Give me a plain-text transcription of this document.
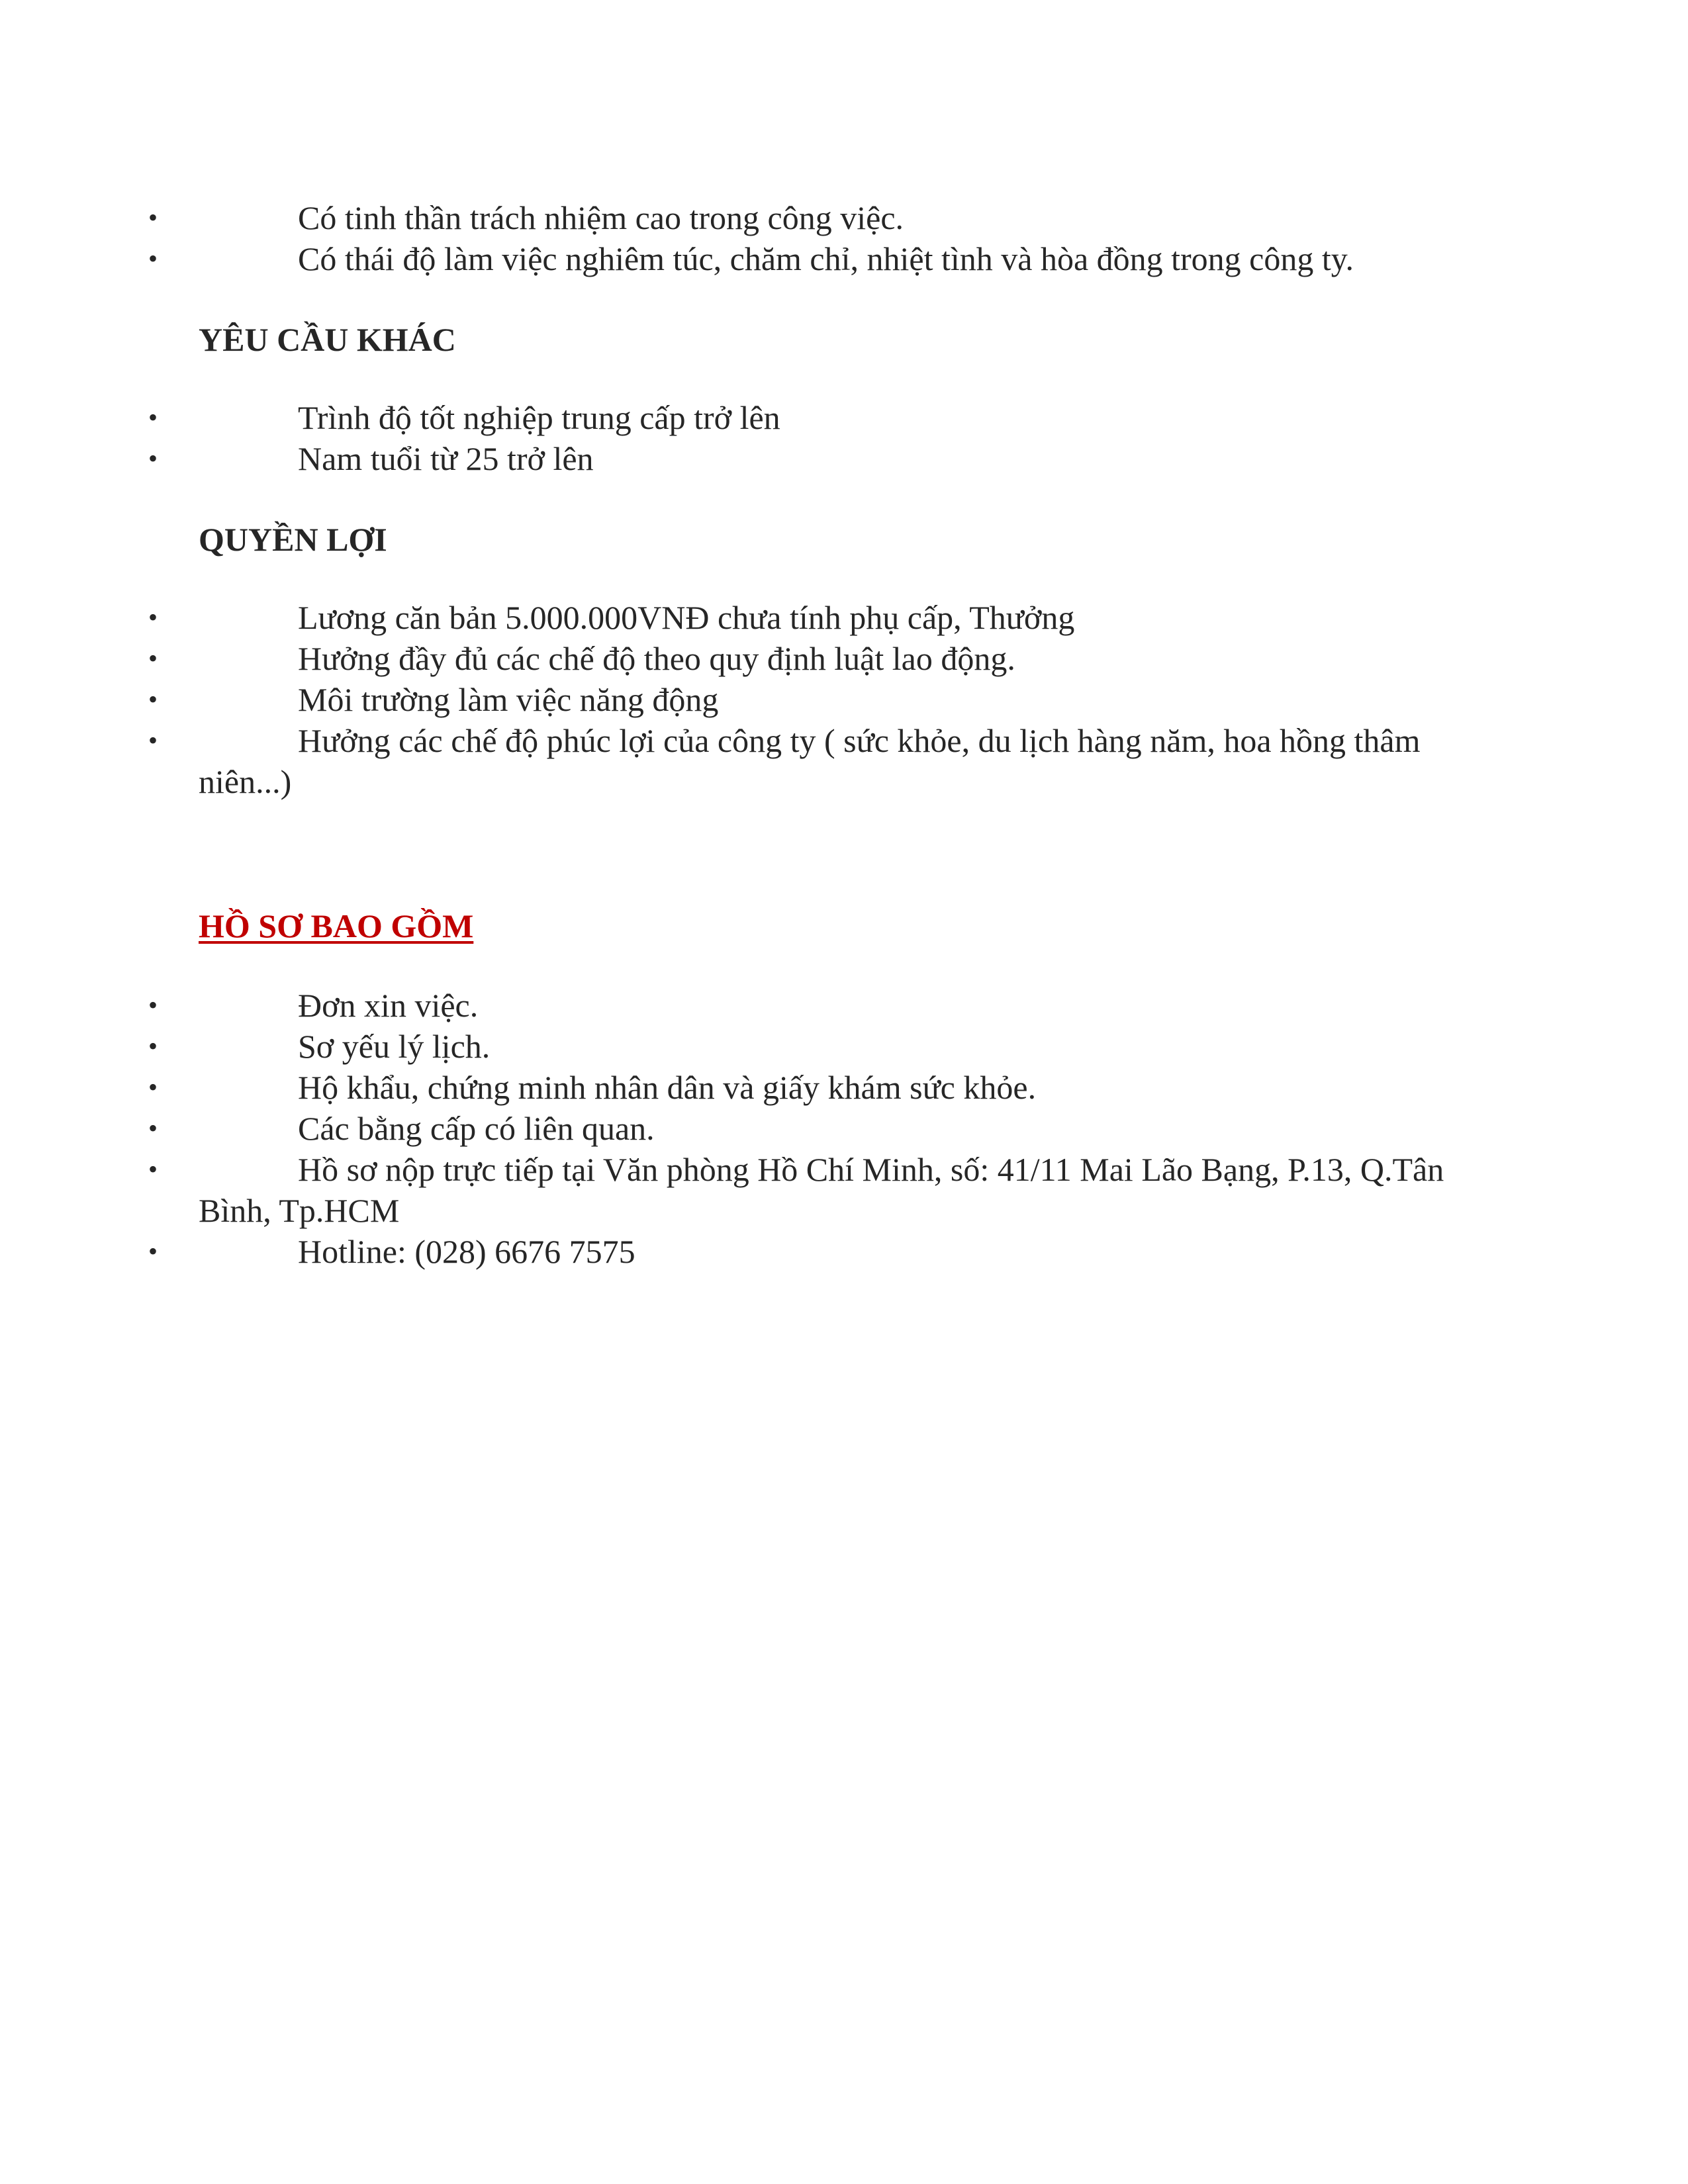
•	Có tinh thần trách nhiệm cao trong công việc.
•	Có thái độ làm việc nghiêm túc, chăm chỉ, nhiệt tình và hòa đồng trong công ty.
YÊU CẦU KHÁC
•	Trình độ tốt nghiệp trung cấp trở lên
•	Nam tuổi từ 25 trở lên
QUYỀN LỢI
•	Lương căn bản 5.000.000VNĐ chưa tính phụ cấp, Thưởng
•	Hưởng đầy đủ các chế độ theo quy định luật lao động.
•	Môi trường làm việc năng động
•	Hưởng các chế độ phúc lợi của công ty ( sức khỏe, du lịch hàng năm, hoa hồng thâm niên...)
HỒ SƠ BAO GỒM
•	Đơn xin việc.
•	Sơ yếu lý lịch.
•	Hộ khẩu, chứng minh nhân dân và giấy khám sức khỏe.
•	Các bằng cấp có liên quan.
•	Hồ sơ nộp trực tiếp tại Văn phòng Hồ Chí Minh, số: 41/11 Mai Lão Bạng, P.13, Q.Tân Bình, Tp.HCM
•	Hotline: (028) 6676 7575
